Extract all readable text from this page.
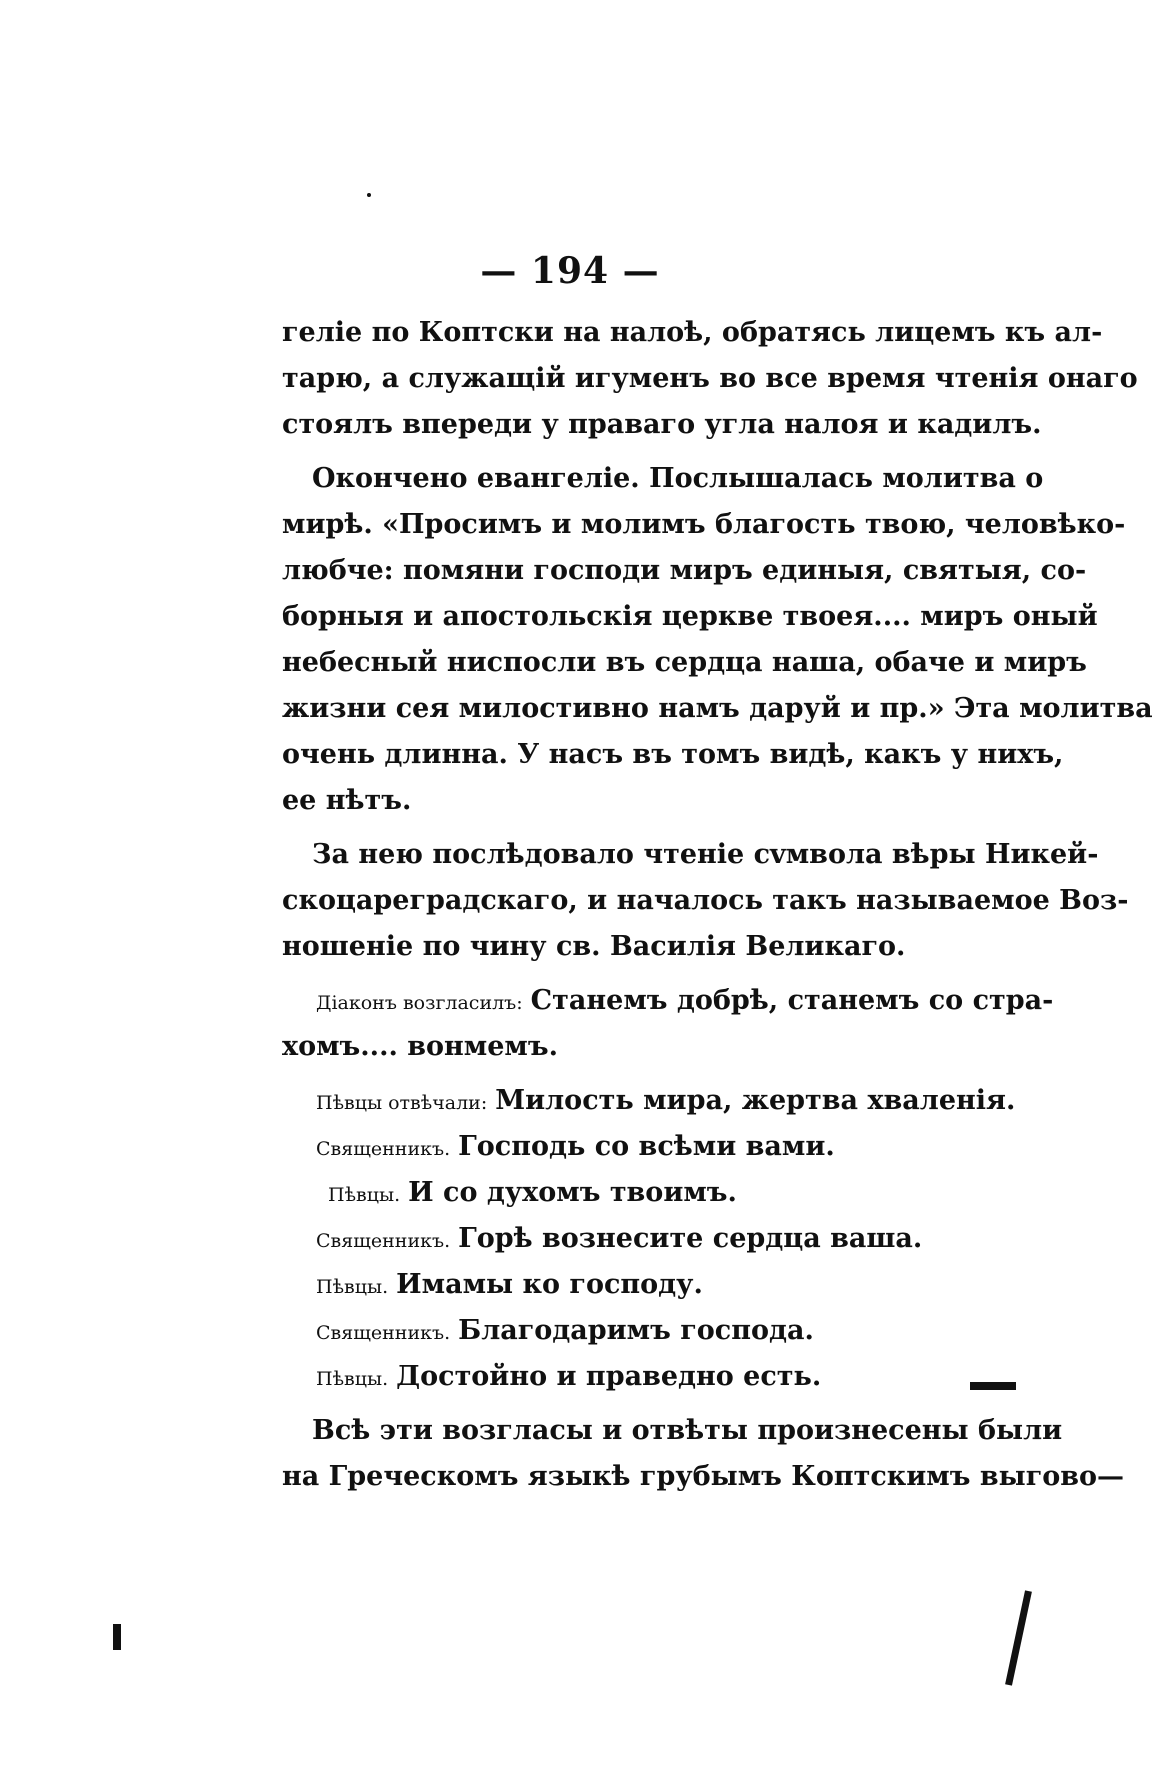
— 194 —
геліе по Коптски на налоѣ, обратясь лицемъ къ ал-
тарю, а служащій игуменъ во все время чтенія онаго
стоялъ впереди у праваго угла налоя и кадилъ.
Окончено евангеліе. Послышалась молитва о
мирѣ. «Просимъ и молимъ благость твою, человѣко-
любче: помяни господи миръ единыя, святыя, со-
борныя и апостольскія церкве твоея.... миръ оный
небесный ниспосли въ сердца наша, обаче и миръ
жизни сея милостивно намъ даруй и пр.» Эта молитва
очень длинна. У насъ въ томъ видѣ, какъ у нихъ,
ее нѣтъ.
За нею послѣдовало чтеніе сvмвола вѣры Никей-
скоцареградскаго, и началось такъ называемое Воз-
ношеніе по чину св. Василія Великаго.
Діаконъ возгласилъ: Станемъ добрѣ, станемъ со стра-
хомъ.... вонмемъ.
Пѣвцы отвѣчали: Милость мира, жертва хваленія.
Священникъ. Господь со всѣми вами.
Пѣвцы. И со духомъ твоимъ.
Священникъ. Горѣ вознесите сердца ваша.
Пѣвцы. Имамы ко господу.
Священникъ. Благодаримъ господа.
Пѣвцы. Достойно и праведно есть.
Всѣ эти возгласы и отвѣты произнесены были
на Греческомъ языкѣ грубымъ Коптскимъ выгово—
